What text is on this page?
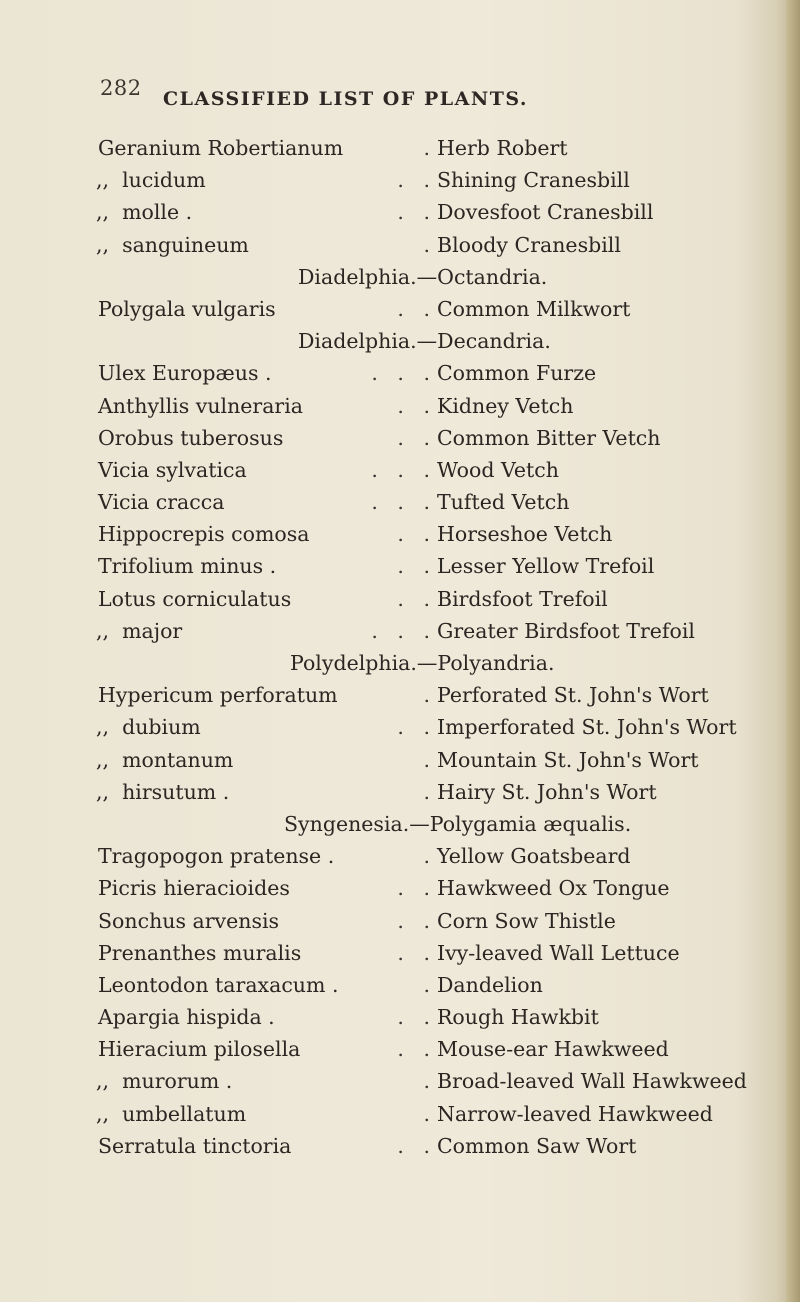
282 CLASSIFIED LIST OF PLANTS.
Geranium Robertianum	. Herb Robert
,,  lucidum	.   . Shining Cranesbill
,,  molle .	.   . Dovesfoot Cranesbill
,,  sanguineum	. Bloody Cranesbill
Diadelphia.—Octandria.
Polygala vulgaris	.   . Common Milkwort
Diadelphia.—Decandria.
Ulex Europæus .	.   .   . Common Furze
Anthyllis vulneraria	.   . Kidney Vetch
Orobus tuberosus	.   . Common Bitter Vetch
Vicia sylvatica	.   .   . Wood Vetch
Vicia cracca	.   .   . Tufted Vetch
Hippocrepis comosa	.   . Horseshoe Vetch
Trifolium minus .	.   . Lesser Yellow Trefoil
Lotus corniculatus	.   . Birdsfoot Trefoil
,,  major	.   .   . Greater Birdsfoot Trefoil
Polydelphia.—Polyandria.
Hypericum perforatum	. Perforated St. John's Wort
,,  dubium	.   . Imperforated St. John's Wort
,,  montanum	. Mountain St. John's Wort
,,  hirsutum .	. Hairy St. John's Wort
Syngenesia.—Polygamia æqualis.
Tragopogon pratense .	. Yellow Goatsbeard
Picris hieracioides	.   . Hawkweed Ox Tongue
Sonchus arvensis	.   . Corn Sow Thistle
Prenanthes muralis	.   . Ivy-leaved Wall Lettuce
Leontodon taraxacum .	. Dandelion
Apargia hispida .	.   . Rough Hawkbit
Hieracium pilosella	.   . Mouse-ear Hawkweed
,,  murorum .	. Broad-leaved Wall Hawkweed
,,  umbellatum	. Narrow-leaved Hawkweed
Serratula tinctoria	.   . Common Saw Wort
